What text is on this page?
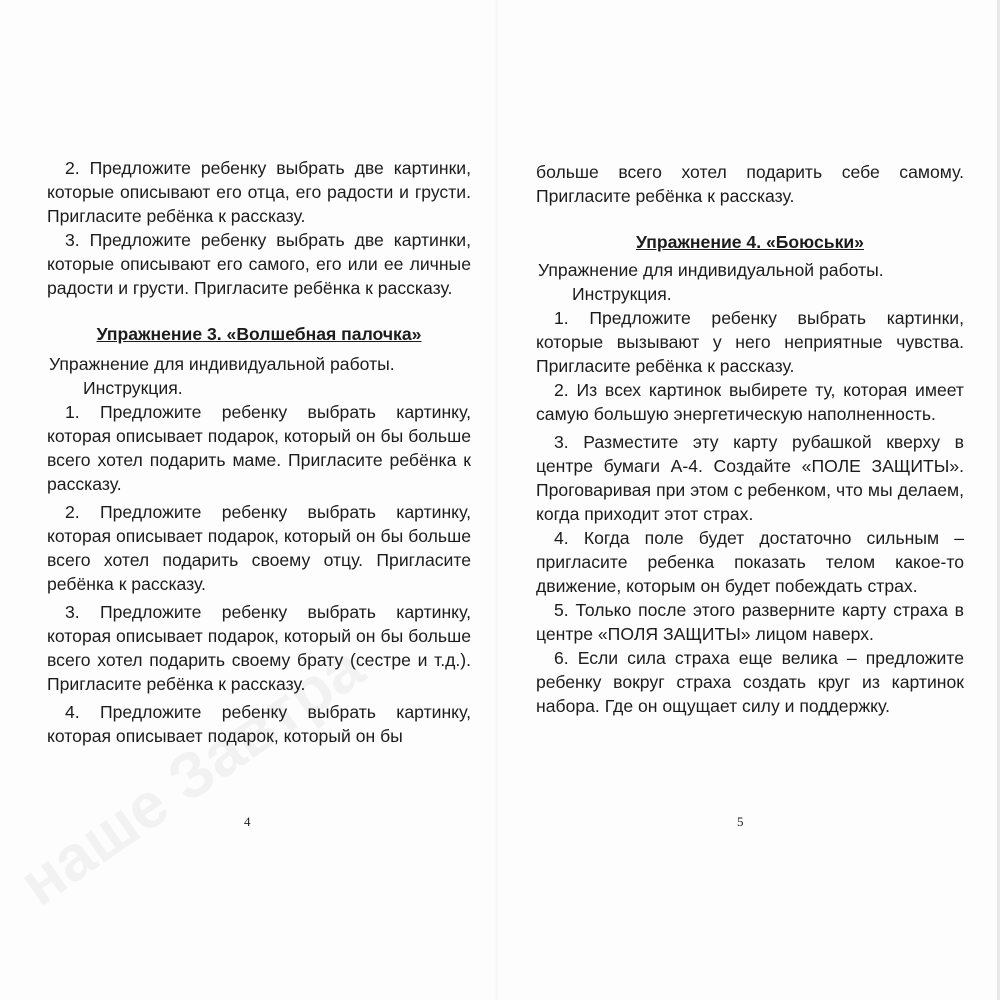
2. Предложите ребенку выбрать две картинки, которые описывают его отца, его радости и грусти. Пригласите ребёнка к рассказу.

3. Предложите ребенку выбрать две картинки, которые описывают его самого, его или ее личные радости и грусти. Пригласите ребёнка к рассказу.

Упражнение 3. «Волшебная палочка»

Упражнение для индивидуальной работы.

Инструкция.

1. Предложите ребенку выбрать картинку, которая описывает подарок, который он бы больше всего хотел подарить маме. Пригласите ребёнка к рассказу.

2. Предложите ребенку выбрать картинку, которая описывает подарок, который он бы больше всего хотел подарить своему отцу. Пригласите ребёнка к рассказу.

3. Предложите ребенку выбрать картинку, которая описывает подарок, который он бы больше всего хотел подарить своему брату (сестре и т.д.). Пригласите ребёнка к рассказу.

4. Предложите ребенку выбрать картинку, которая описывает подарок, который он бы

4

больше всего хотел подарить себе самому. Пригласите ребёнка к рассказу.

Упражнение 4. «Боюськи»

Упражнение для индивидуальной работы.

Инструкция.

1. Предложите ребенку выбрать картинки, которые вызывают у него неприятные чувства. Пригласите ребёнка к рассказу.

2. Из всех картинок выбирете ту, которая имеет самую большую энергетическую наполненность.

3. Разместите эту карту рубашкой кверху в центре бумаги А-4. Создайте «ПОЛЕ ЗАЩИТЫ». Проговаривая при этом с ребенком, что мы делаем, когда приходит этот страх.

4. Когда поле будет достаточно сильным – пригласите ребенка показать телом какое-то движение, которым он будет побеждать страх.

5. Только после этого разверните карту страха в центре «ПОЛЯ ЗАЩИТЫ» лицом наверх.

6. Если сила страха еще велика – предложите ребенку вокруг страха создать круг из картинок набора. Где он ощущает силу и поддержку.

5
